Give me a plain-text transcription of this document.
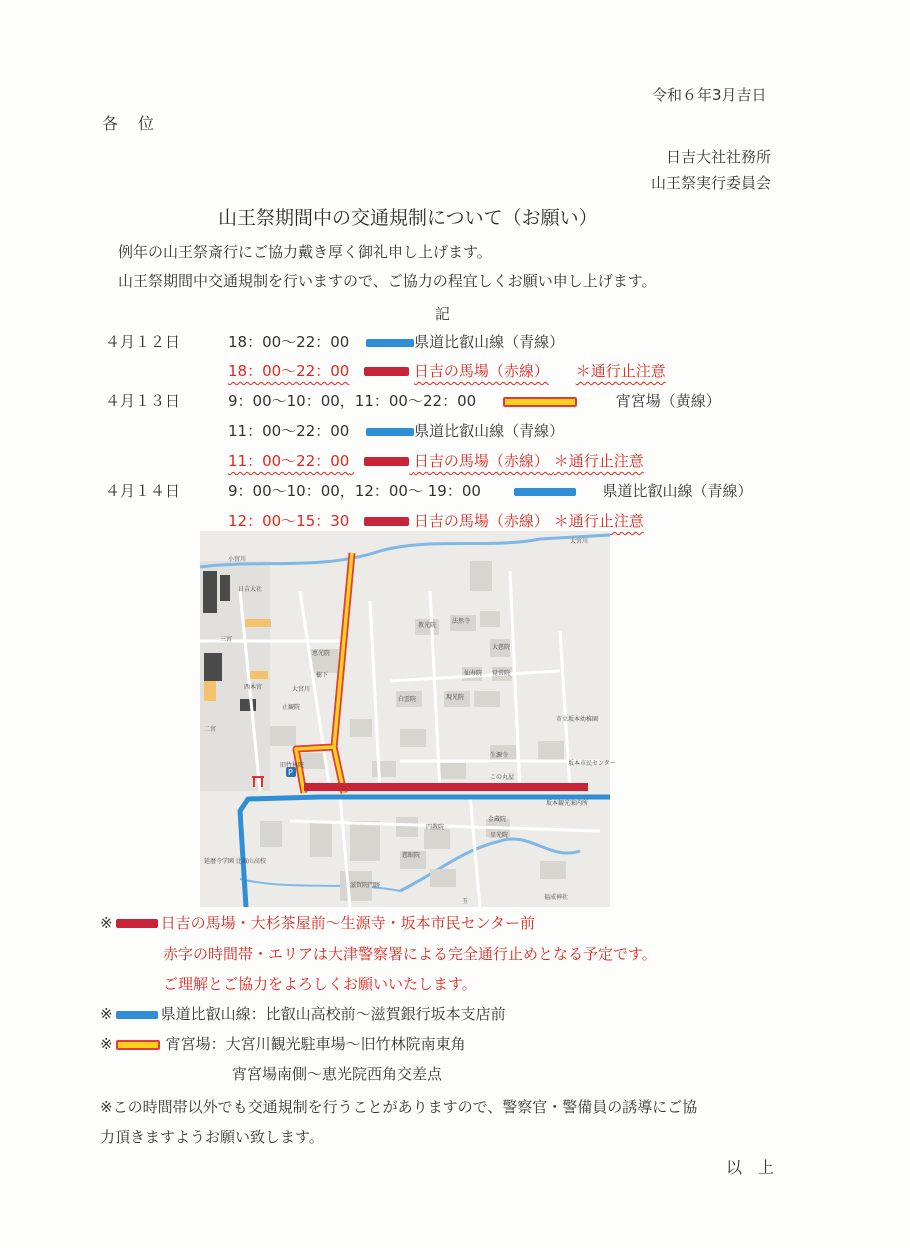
令和６年3月吉日
各　位
日吉大社社務所
山王祭実行委員会
山王祭期間中の交通規制について（お願い）
例年の山王祭斎行にご協力戴き厚く御礼申し上げます。
山王祭期間中交通規制を行いますので、ご協力の程宜しくお願い申し上げます。
記
４月１２日	18：00〜22：00	県道比叡山線（青線）
18：00〜22：00	日吉の馬場（赤線） ＊通行止注意
４月１３日	9：00〜10：00，11：00〜22：00	宵宮場（黄線）
11：00〜22：00	県道比叡山線（青線）
11：00〜22：00	日吉の馬場（赤線） ＊通行止注意
４月１４日	9：00〜10：00，12：00〜 19：00	県道比叡山線（青線）
12：00〜15：30	日吉の馬場（赤線） ＊通行止注意
P
大宮川
小宮川
日吉大社
三宮
二宮
西本宮
恵光院
樹下
大宮川
止観院
旧竹林院
教光院
法然寺
大慈院
仙寿院 覚常院
白雲院	現光院
市立坂本幼稚園
生源寺
坂本市民センター
この丸屋
坂本観光案内所
金蔵院
星光院
円教院
慈眼院
延暦寺学園 比叡山高校
滋賀院門跡
福成神社
玉
※	日吉の馬場・大杉茶屋前〜生源寺・坂本市民センター前
赤字の時間帯・エリアは大津警察署による完全通行止めとなる予定です。
ご理解とご協力をよろしくお願いいたします。
※	県道比叡山線：比叡山高校前〜滋賀銀行坂本支店前
※	宵宮場：大宮川観光駐車場〜旧竹林院南東角
宵宮場南側〜恵光院西角交差点
※この時間帯以外でも交通規制を行うことがありますので、警察官・警備員の誘導にご協
力頂きますようお願い致します。
以　上
